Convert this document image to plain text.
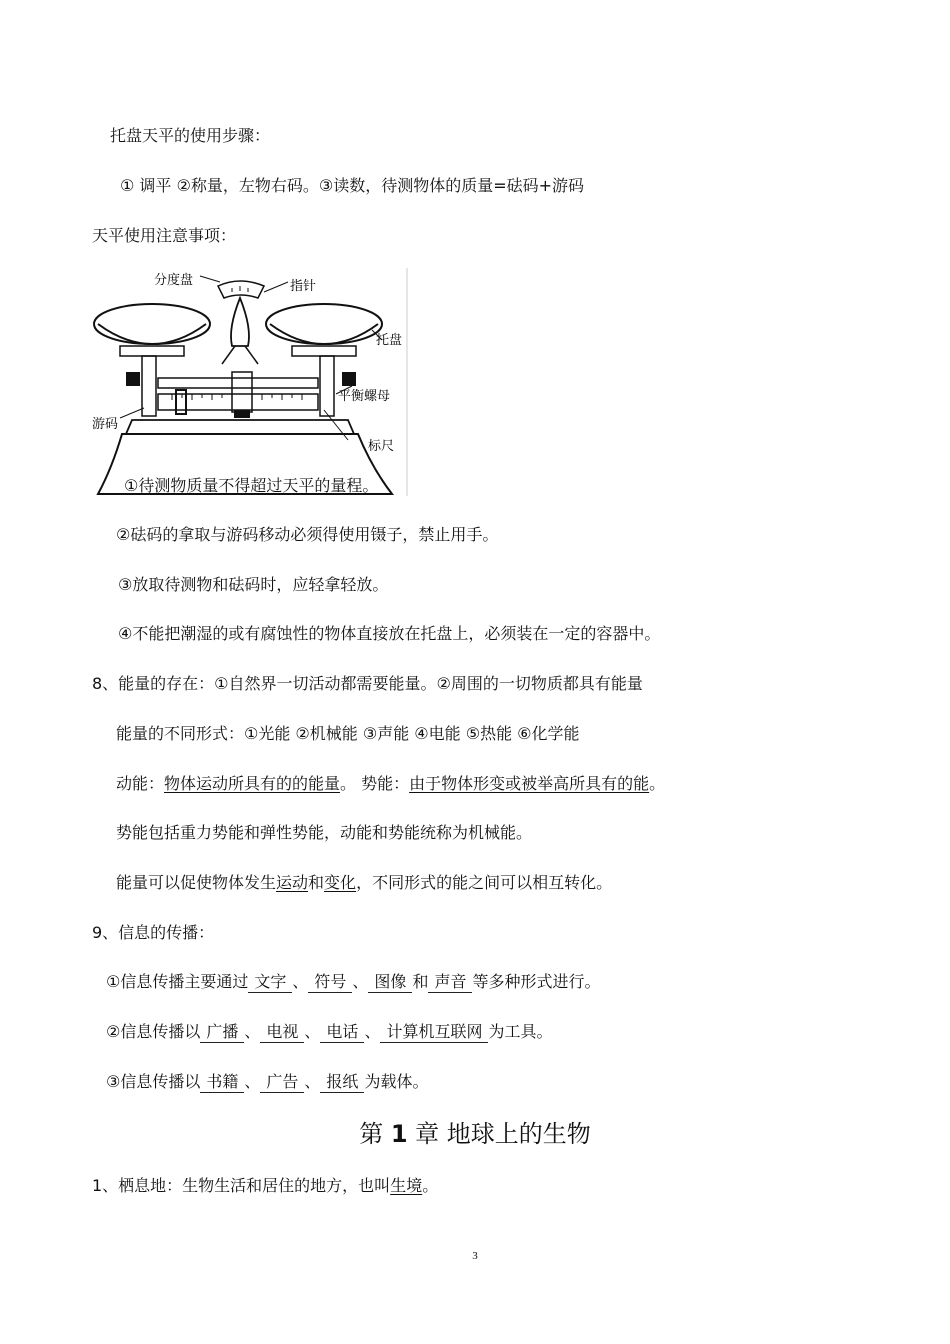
托盘天平的使用步骤：
① 调平 ②称量，左物右码。③读数，待测物体的质量=砝码+游码
天平使用注意事项：
分度盘	指针
托盘
平衡螺母
游码
标尺
①待测物质量不得超过天平的量程。
②砝码的拿取与游码移动必须得使用镊子，禁止用手。
③放取待测物和砝码时，应轻拿轻放。
④不能把潮湿的或有腐蚀性的物体直接放在托盘上，必须装在一定的容器中。
8、能量的存在：①自然界一切活动都需要能量。②周围的一切物质都具有能量
能量的不同形式：①光能 ②机械能 ③声能 ④电能 ⑤热能 ⑥化学能
动能：物体运动所具有的的能量。 势能：由于物体形变或被举高所具有的能。
势能包括重力势能和弹性势能，动能和势能统称为机械能。
能量可以促使物体发生运动和变化，不同形式的能之间可以相互转化。
9、信息的传播：
①信息传播主要通过 文字 、 符号 、 图像 和 声音 等多种形式进行。
②信息传播以 广播 、 电视 、 电话 、 计算机互联网 为工具。
③信息传播以 书籍 、 广告 、 报纸 为载体。
第 1 章 地球上的生物
1、栖息地：生物生活和居住的地方，也叫生境。
3
